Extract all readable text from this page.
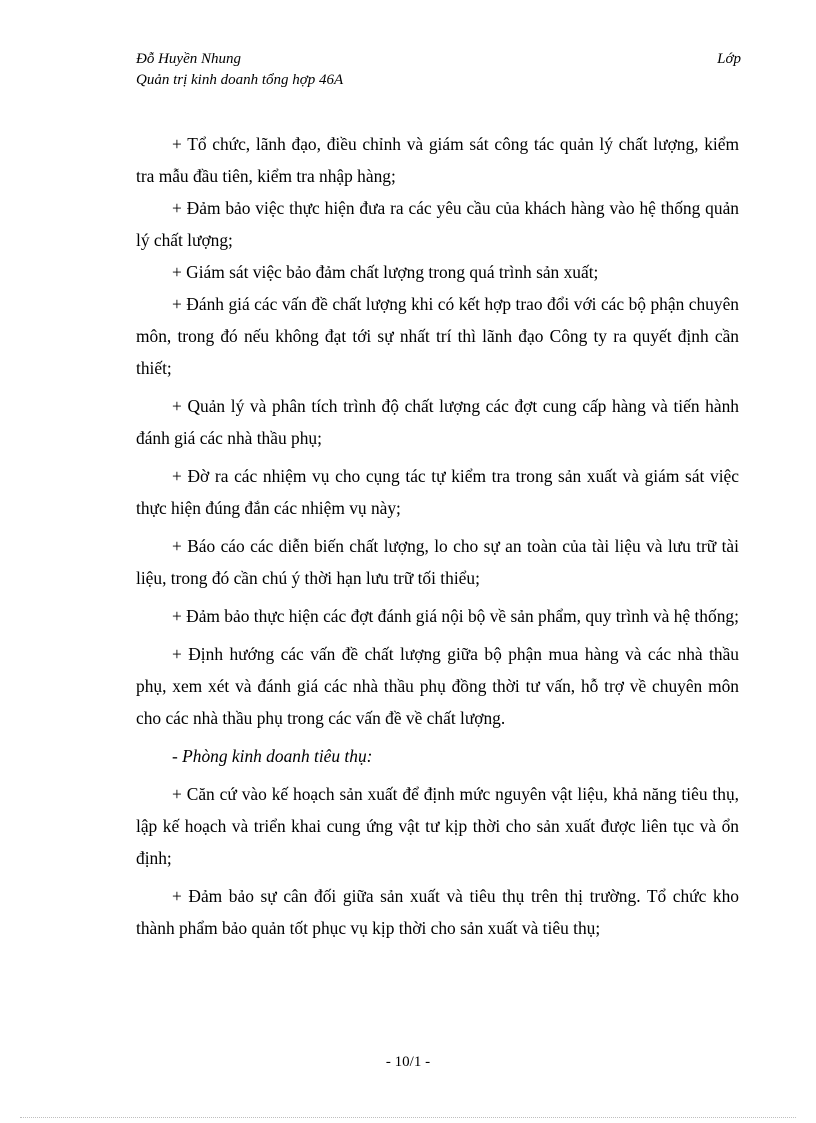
Đỗ Huyền Nhung
Quản trị kinh doanh tổng hợp 46A
Lớp

+ Tổ chức, lãnh đạo, điều chỉnh và giám sát công tác quản lý chất lượng, kiểm tra mẫu đầu tiên, kiểm tra nhập hàng;

+ Đảm bảo việc thực hiện đưa ra các yêu cầu của khách hàng vào hệ thống quản lý chất lượng;

+ Giám sát việc bảo đảm chất lượng trong quá trình sản xuất;

+ Đánh giá các vấn đề chất lượng khi có kết hợp trao đổi với các bộ phận chuyên môn, trong đó nếu không đạt tới sự nhất trí thì lãnh đạo Công ty ra quyết định cần thiết;

+ Quản lý và phân tích trình độ chất lượng các đợt cung cấp hàng và tiến hành đánh giá các nhà thầu phụ;

+ Đờ ra các nhiệm vụ cho cụng tác tự kiểm tra trong sản xuất và giám sát việc thực hiện đúng đắn các nhiệm vụ này;

+ Báo cáo các diễn biến chất lượng, lo cho sự an toàn của tài liệu và lưu trữ tài liệu, trong đó cần chú ý thời hạn lưu trữ tối thiểu;

+ Đảm bảo thực hiện các đợt đánh giá nội bộ về sản phẩm, quy trình và hệ thống;

+ Định hướng các vấn đề chất lượng giữa bộ phận mua hàng và các nhà thầu phụ, xem xét và đánh giá các nhà thầu phụ đồng thời tư vấn, hỗ trợ về chuyên môn cho các nhà thầu phụ trong các vấn đề về chất lượng.

- Phòng kinh doanh tiêu thụ:

+ Căn cứ vào kế hoạch sản xuất để định mức nguyên vật liệu, khả năng tiêu thụ, lập kế hoạch và triển khai cung ứng vật tư kịp thời cho sản xuất được liên tục và ổn định;

+ Đảm bảo sự cân đối giữa sản xuất và tiêu thụ trên thị trường. Tổ chức kho thành phẩm bảo quản tốt phục vụ kịp thời cho sản xuất và tiêu thụ;

- 10/1 -
